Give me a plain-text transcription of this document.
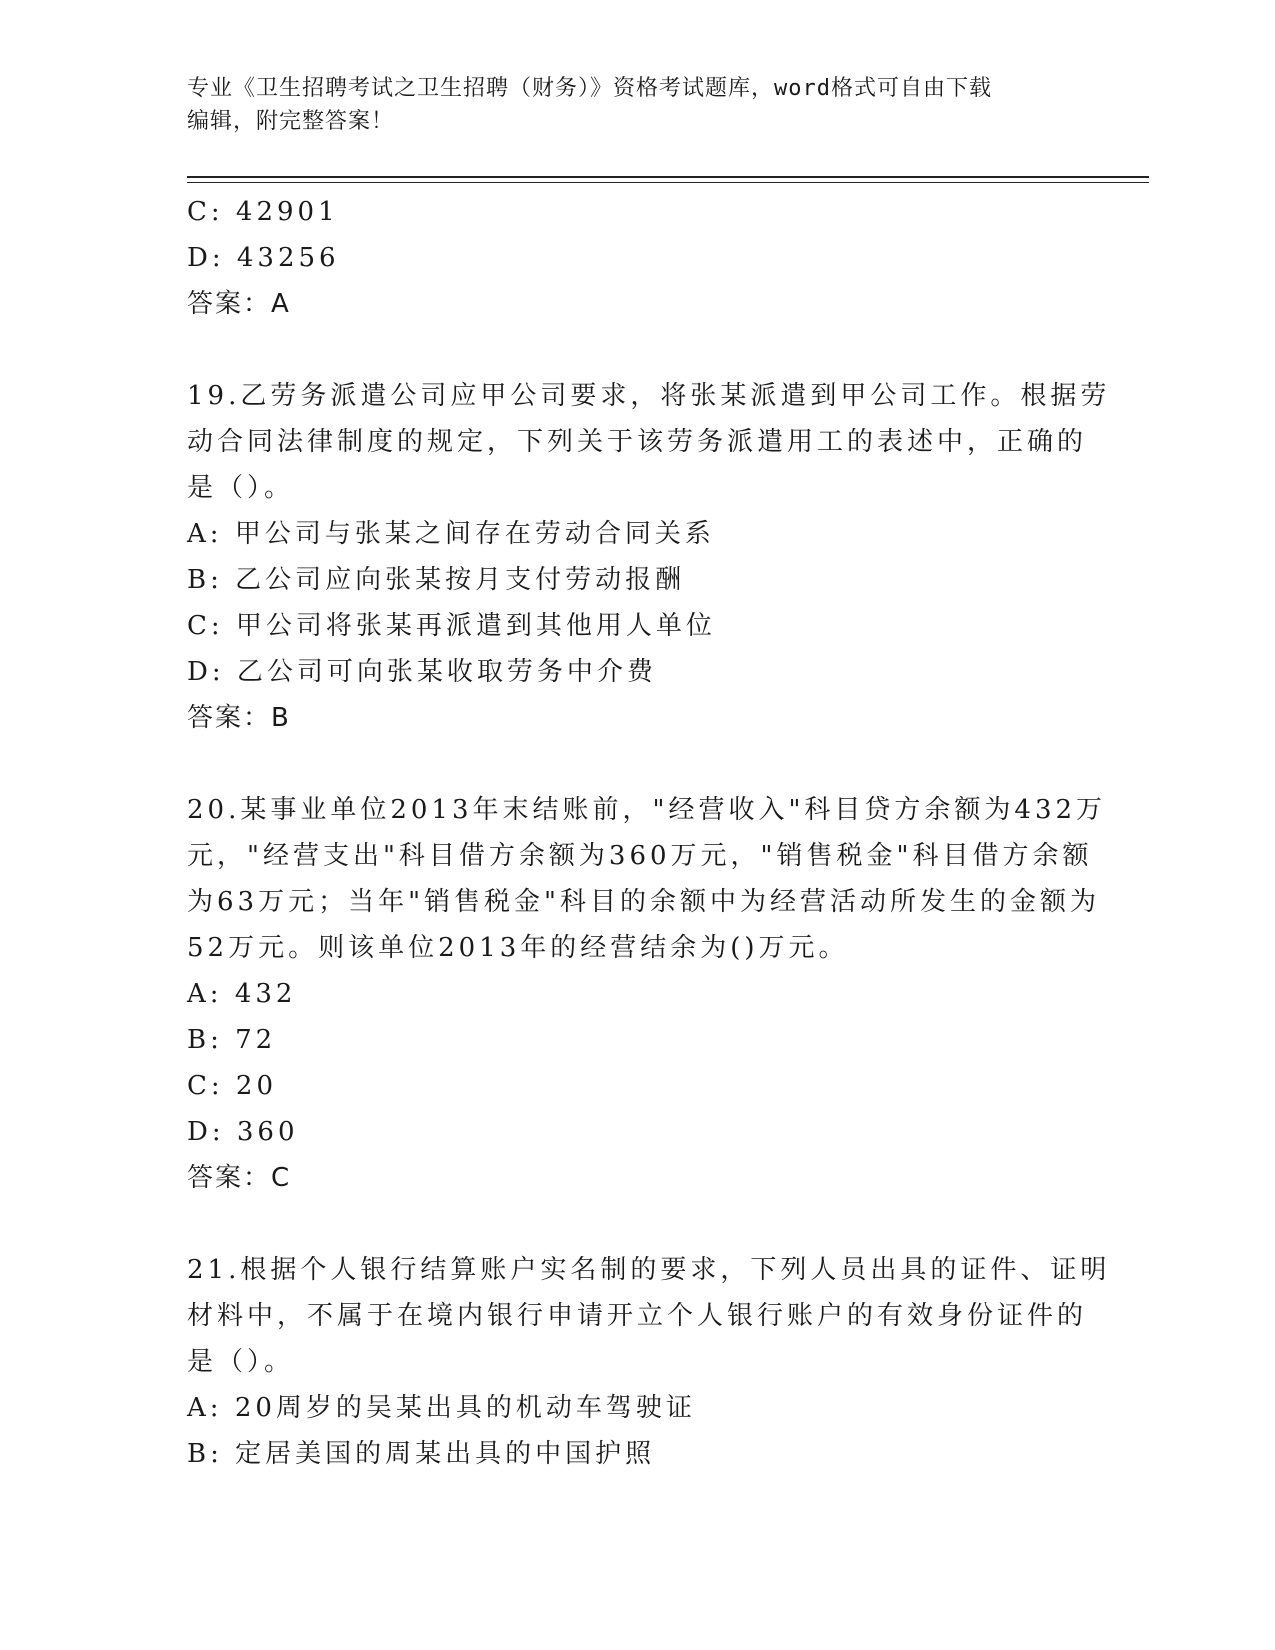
专业《卫生招聘考试之卫生招聘（财务）》资格考试题库，word格式可自由下载
编辑，附完整答案！
C: 42901
D: 43256
答案：A
19.乙劳务派遣公司应甲公司要求，将张某派遣到甲公司工作。根据劳
动合同法律制度的规定，下列关于该劳务派遣用工的表述中，正确的
是（）。
A: 甲公司与张某之间存在劳动合同关系
B: 乙公司应向张某按月支付劳动报酬
C: 甲公司将张某再派遣到其他用人单位
D: 乙公司可向张某收取劳务中介费
答案：B
20.某事业单位2013年末结账前，"经营收入"科目贷方余额为432万
元，"经营支出"科目借方余额为360万元，"销售税金"科目借方余额
为63万元；当年"销售税金"科目的余额中为经营活动所发生的金额为
52万元。则该单位2013年的经营结余为()万元。
A: 432
B: 72
C: 20
D: 360
答案：C
21.根据个人银行结算账户实名制的要求，下列人员出具的证件、证明
材料中，不属于在境内银行申请开立个人银行账户的有效身份证件的
是（）。
A: 20周岁的吴某出具的机动车驾驶证
B: 定居美国的周某出具的中国护照
